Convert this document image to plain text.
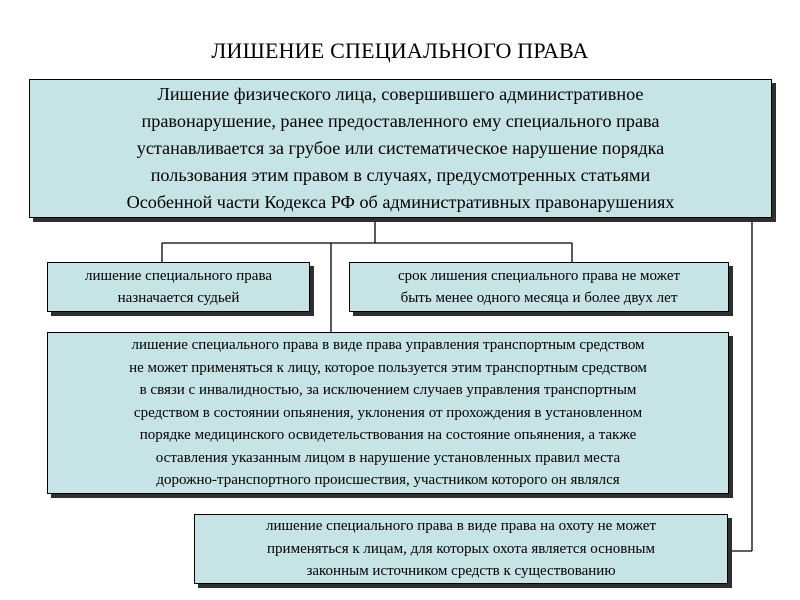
ЛИШЕНИЕ СПЕЦИАЛЬНОГО ПРАВА
Лишение физического лица, совершившего административное
правонарушение, ранее предоставленного ему специального права
устанавливается за грубое или систематическое нарушение порядка
пользования этим правом в случаях, предусмотренных статьями
Особенной части Кодекса РФ об административных правонарушениях
лишение специального права
назначается судьей
срок лишения специального права не может
быть менее одного месяца и более двух лет
лишение специального права в виде права управления транспортным средством
не может применяться к лицу, которое пользуется этим транспортным средством
в связи с инвалидностью, за исключением случаев управления транспортным
средством в состоянии опьянения, уклонения от прохождения в установленном
порядке медицинского освидетельствования на состояние опьянения, а также
оставления указанным лицом в нарушение установленных правил места
дорожно-транспортного происшествия, участником которого он являлся
лишение специального права в виде права на охоту не может
применяться к лицам, для которых охота является основным
законным источником средств к существованию
